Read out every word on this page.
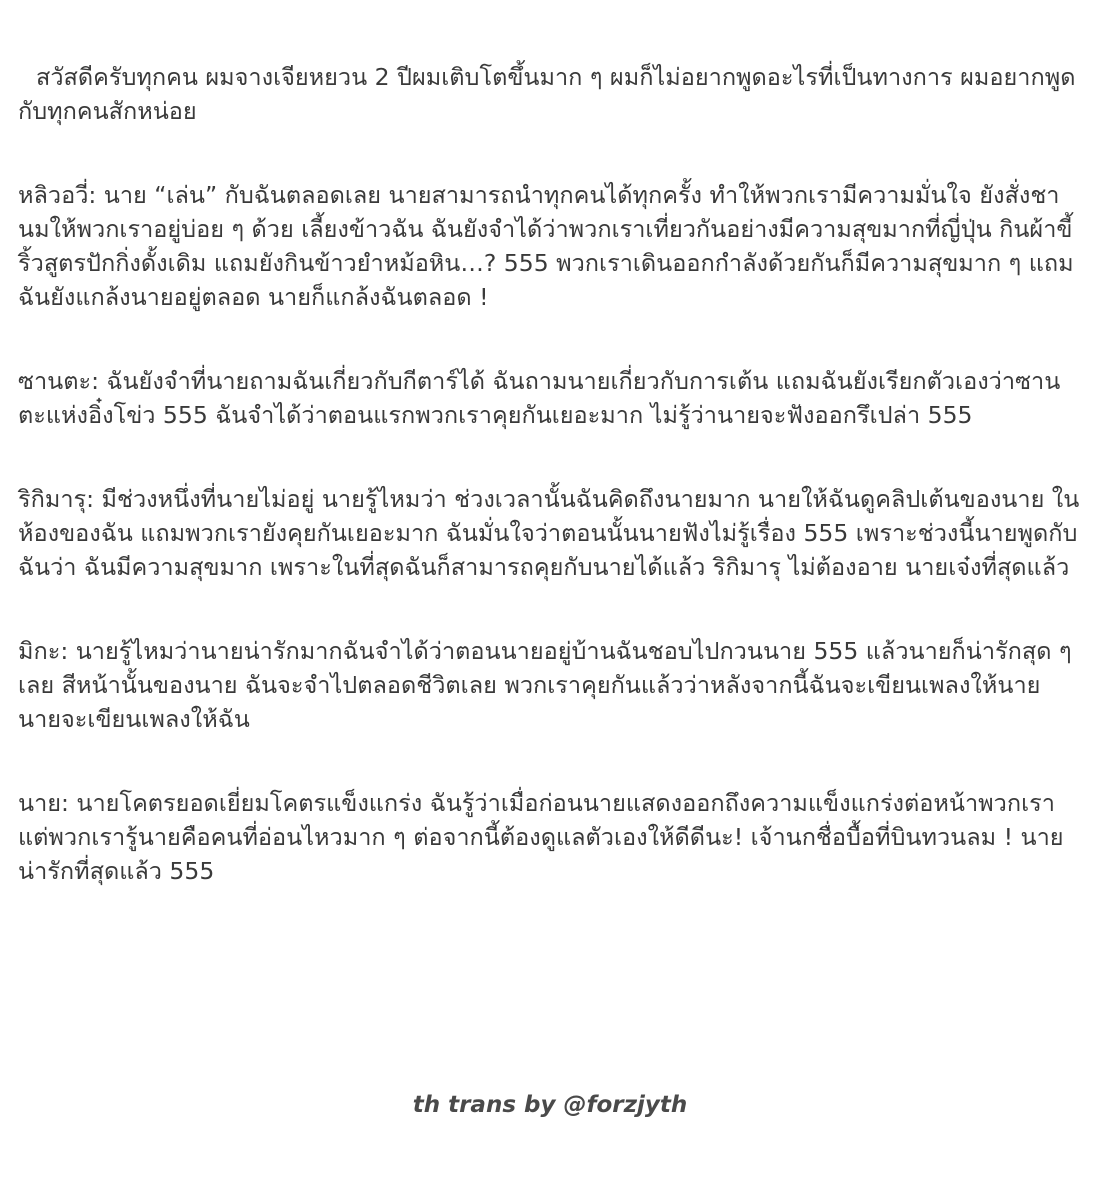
สวัสดีครับทุกคน ผมจางเจียหยวน 2 ปีผมเติบโตขึ้นมาก ๆ ผมก็ไม่อยากพูดอะไรที่เป็นทางการ ผมอยากพูดกับทุกคนสักหน่อย

หลิวอวี่: นาย “เล่น” กับฉันตลอดเลย นายสามารถนำทุกคนได้ทุกครั้ง ทำให้พวกเรามีความมั่นใจ ยังสั่งชานมให้พวกเราอยู่บ่อย ๆ ด้วย เลี้ยงข้าวฉัน ฉันยังจำได้ว่าพวกเราเที่ยวกันอย่างมีความสุขมากที่ญี่ปุ่น กินผ้าขี้ริ้วสูตรปักกิ่งดั้งเดิม แถมยังกินข้าวยำหม้อหิน…? 555 พวกเราเดินออกกำลังด้วยกันก็มีความสุขมาก ๆ แถมฉันยังแกล้งนายอยู่ตลอด นายก็แกล้งฉันตลอด !

ซานตะ: ฉันยังจำที่นายถามฉันเกี่ยวกับกีตาร์ได้ ฉันถามนายเกี่ยวกับการเต้น แถมฉันยังเรียกตัวเองว่าซานตะแห่งอิ๋งโข่ว 555 ฉันจำได้ว่าตอนแรกพวกเราคุยกันเยอะมาก ไม่รู้ว่านายจะฟังออกรึเปล่า 555

ริกิมารุ: มีช่วงหนึ่งที่นายไม่อยู่ นายรู้ไหมว่า ช่วงเวลานั้นฉันคิดถึงนายมาก นายให้ฉันดูคลิปเต้นของนาย ในห้องของฉัน แถมพวกเรายังคุยกันเยอะมาก ฉันมั่นใจว่าตอนนั้นนายฟังไม่รู้เรื่อง 555 เพราะช่วงนี้นายพูดกับฉันว่า ฉันมีความสุขมาก เพราะในที่สุดฉันก็สามารถคุยกับนายได้แล้ว ริกิมารุ ไม่ต้องอาย นายเจ๋งที่สุดแล้ว

มิกะ: นายรู้ไหมว่านายน่ารักมากฉันจำได้ว่าตอนนายอยู่บ้านฉันชอบไปกวนนาย 555 แล้วนายก็น่ารักสุด ๆ เลย สีหน้านั้นของนาย ฉันจะจำไปตลอดชีวิตเลย พวกเราคุยกันแล้วว่าหลังจากนี้ฉันจะเขียนเพลงให้นาย นายจะเขียนเพลงให้ฉัน

นาย: นายโคตรยอดเยี่ยมโคตรแข็งแกร่ง ฉันรู้ว่าเมื่อก่อนนายแสดงออกถึงความแข็งแกร่งต่อหน้าพวกเราแต่พวกเรารู้นายคือคนที่อ่อนไหวมาก ๆ ต่อจากนี้ต้องดูแลตัวเองให้ดีดีนะ! เจ้านกชื่อบื้อที่บินทวนลม ! นายน่ารักที่สุดแล้ว 555

th trans by @forzjyth
